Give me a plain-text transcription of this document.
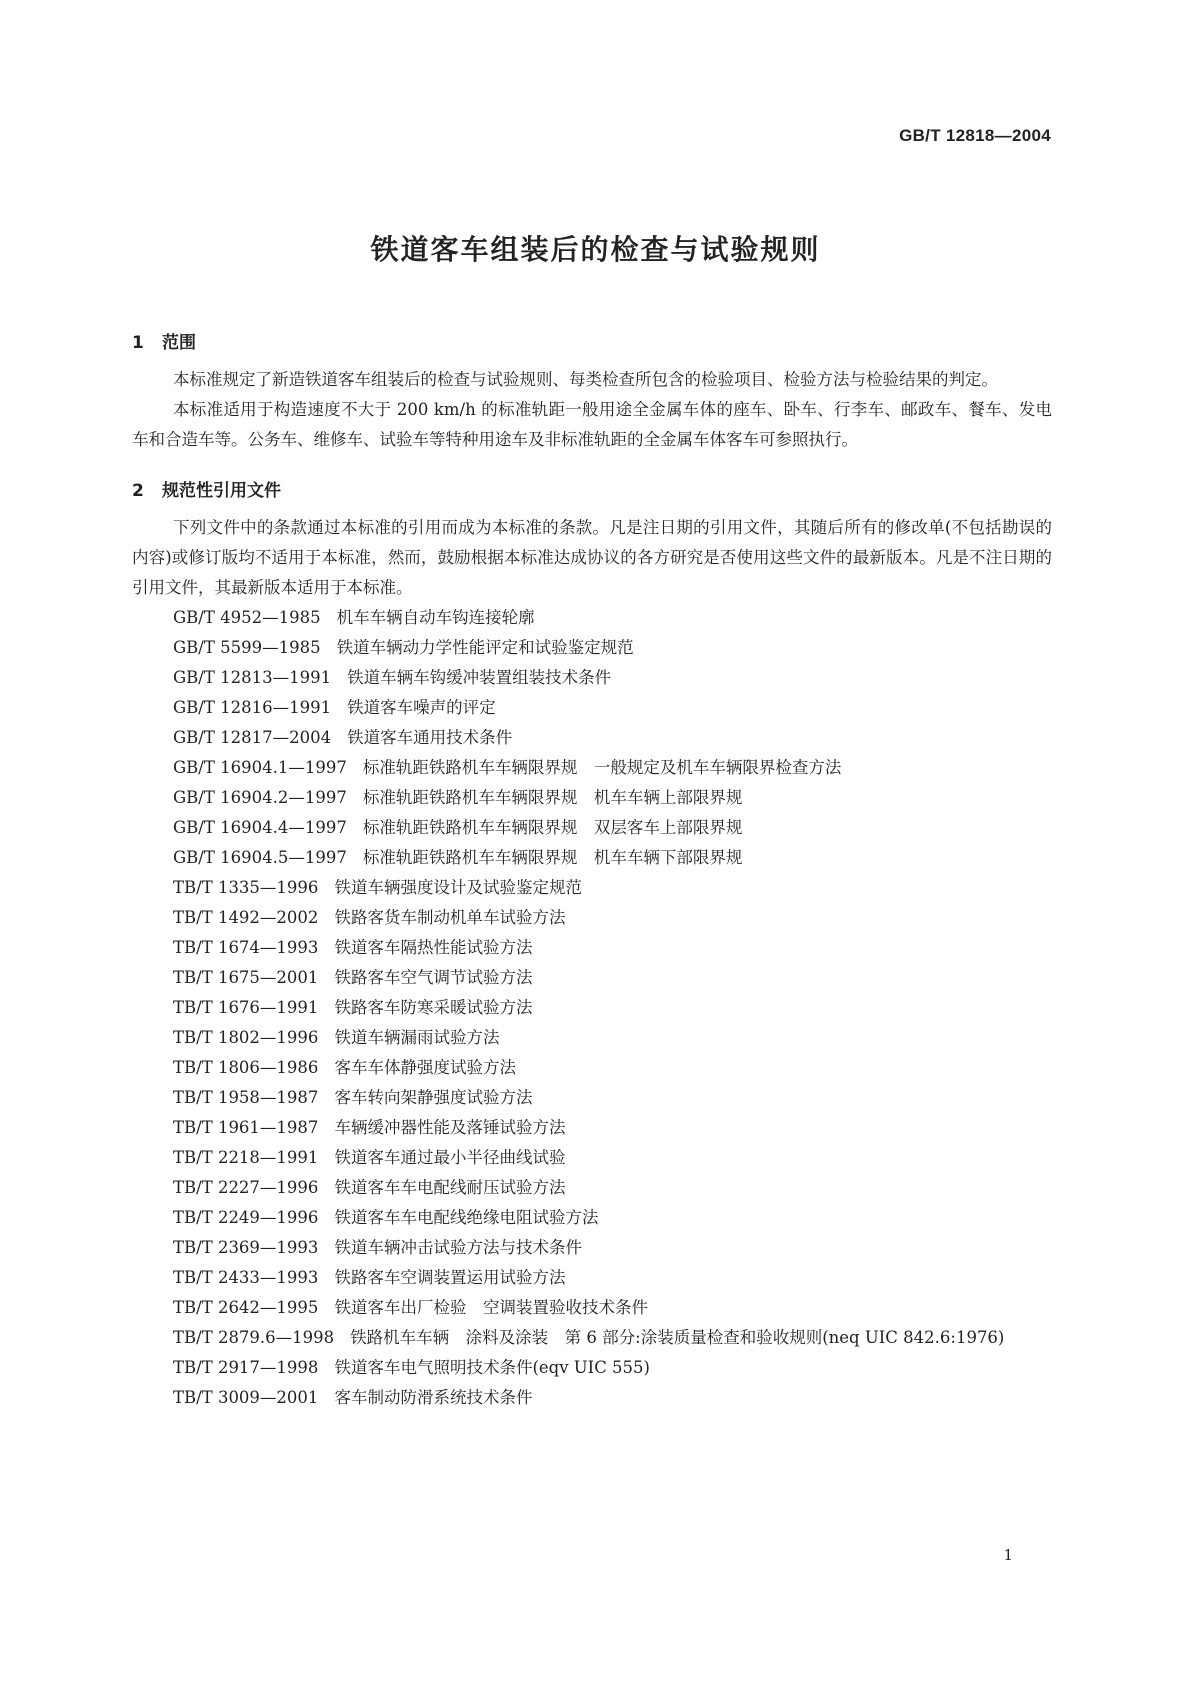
GB/T 12818—2004
铁道客车组装后的检查与试验规则
1 范围

本标准规定了新造铁道客车组装后的检查与试验规则、每类检查所包含的检验项目、检验方法与检验结果的判定。

本标准适用于构造速度不大于 200 km/h 的标准轨距一般用途全金属车体的座车、卧车、行李车、邮政车、餐车、发电车和合造车等。公务车、维修车、试验车等特种用途车及非标准轨距的全金属车体客车可参照执行。

2 规范性引用文件

下列文件中的条款通过本标准的引用而成为本标准的条款。凡是注日期的引用文件，其随后所有的修改单(不包括勘误的内容)或修订版均不适用于本标准，然而，鼓励根据本标准达成协议的各方研究是否使用这些文件的最新版本。凡是不注日期的引用文件，其最新版本适用于本标准。

GB/T 4952—1985 机车车辆自动车钩连接轮廓
GB/T 5599—1985 铁道车辆动力学性能评定和试验鉴定规范
GB/T 12813—1991 铁道车辆车钩缓冲装置组装技术条件
GB/T 12816—1991 铁道客车噪声的评定
GB/T 12817—2004 铁道客车通用技术条件
GB/T 16904.1—1997 标准轨距铁路机车车辆限界规　一般规定及机车车辆限界检查方法
GB/T 16904.2—1997 标准轨距铁路机车车辆限界规　机车车辆上部限界规
GB/T 16904.4—1997 标准轨距铁路机车车辆限界规　双层客车上部限界规
GB/T 16904.5—1997 标准轨距铁路机车车辆限界规　机车车辆下部限界规
TB/T 1335—1996 铁道车辆强度设计及试验鉴定规范
TB/T 1492—2002 铁路客货车制动机单车试验方法
TB/T 1674—1993 铁道客车隔热性能试验方法
TB/T 1675—2001 铁路客车空气调节试验方法
TB/T 1676—1991 铁路客车防寒采暖试验方法
TB/T 1802—1996 铁道车辆漏雨试验方法
TB/T 1806—1986 客车车体静强度试验方法
TB/T 1958—1987 客车转向架静强度试验方法
TB/T 1961—1987 车辆缓冲器性能及落锤试验方法
TB/T 2218—1991 铁道客车通过最小半径曲线试验
TB/T 2227—1996 铁道客车车电配线耐压试验方法
TB/T 2249—1996 铁道客车车电配线绝缘电阻试验方法
TB/T 2369—1993 铁道车辆冲击试验方法与技术条件
TB/T 2433—1993 铁路客车空调装置运用试验方法
TB/T 2642—1995 铁道客车出厂检验　空调装置验收技术条件
TB/T 2879.6—1998 铁路机车车辆　涂料及涂装　第 6 部分:涂装质量检查和验收规则(neq UIC 842.6:1976)
TB/T 2917—1998 铁道客车电气照明技术条件(eqv UIC 555)
TB/T 3009—2001 客车制动防滑系统技术条件
1
